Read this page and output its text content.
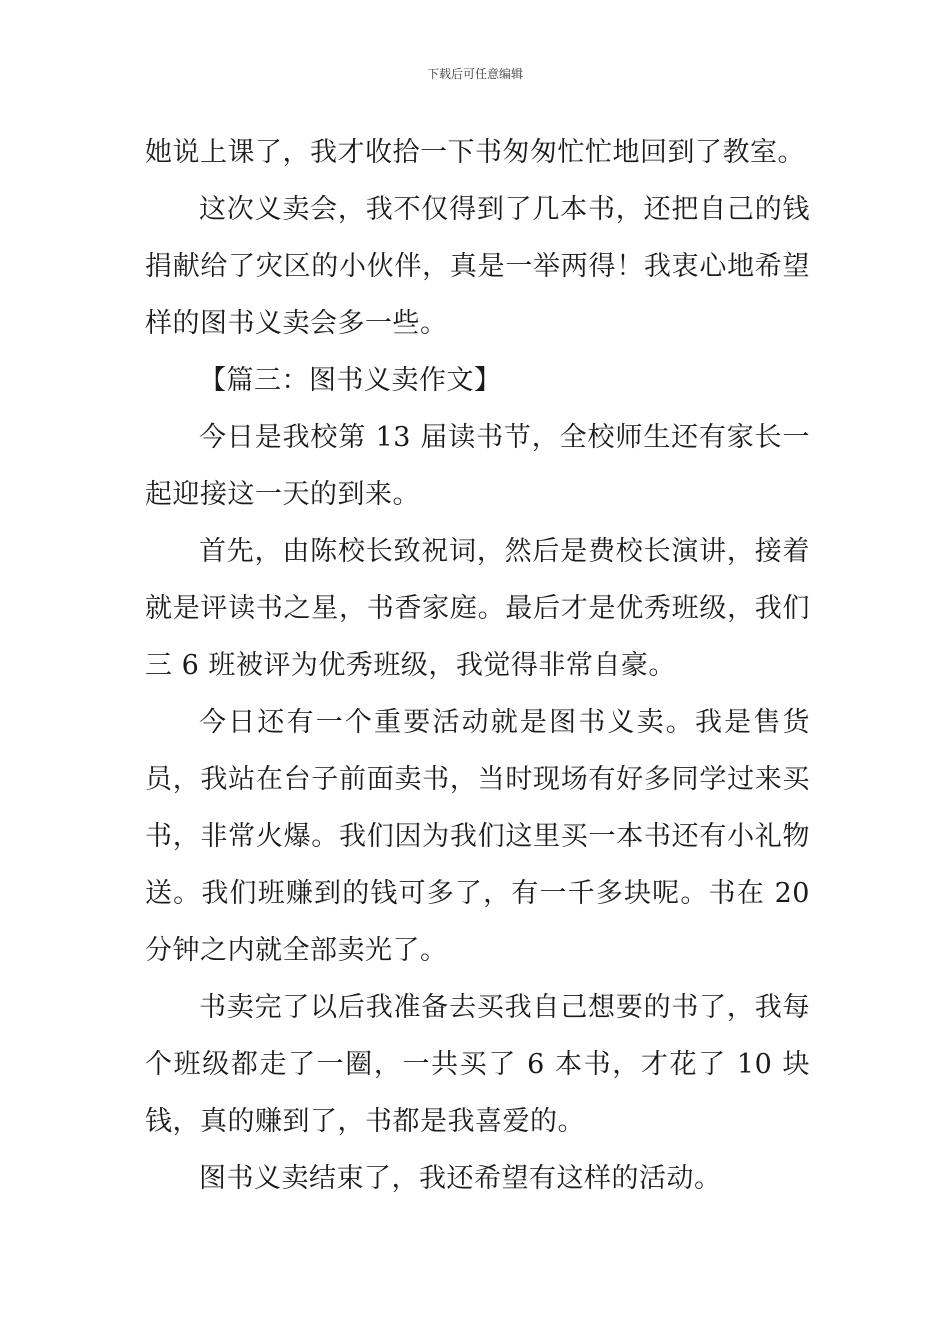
下载后可任意编辑

她说上课了，我才收拾一下书匆匆忙忙地回到了教室。

这次义卖会，我不仅得到了几本书，还把自己的钱捐献给了灾区的小伙伴，真是一举两得！我衷心地希望样的图书义卖会多一些。

【篇三：图书义卖作文】

今日是我校第 13 届读书节，全校师生还有家长一起迎接这一天的到来。

首先，由陈校长致祝词，然后是费校长演讲，接着就是评读书之星，书香家庭。最后才是优秀班级，我们三 6 班被评为优秀班级，我觉得非常自豪。

今日还有一个重要活动就是图书义卖。我是售货员，我站在台子前面卖书，当时现场有好多同学过来买书，非常火爆。我们因为我们这里买一本书还有小礼物送。我们班赚到的钱可多了，有一千多块呢。书在 20 分钟之内就全部卖光了。

书卖完了以后我准备去买我自己想要的书了，我每个班级都走了一圈，一共买了 6 本书，才花了 10 块钱，真的赚到了，书都是我喜爱的。

图书义卖结束了，我还希望有这样的活动。
